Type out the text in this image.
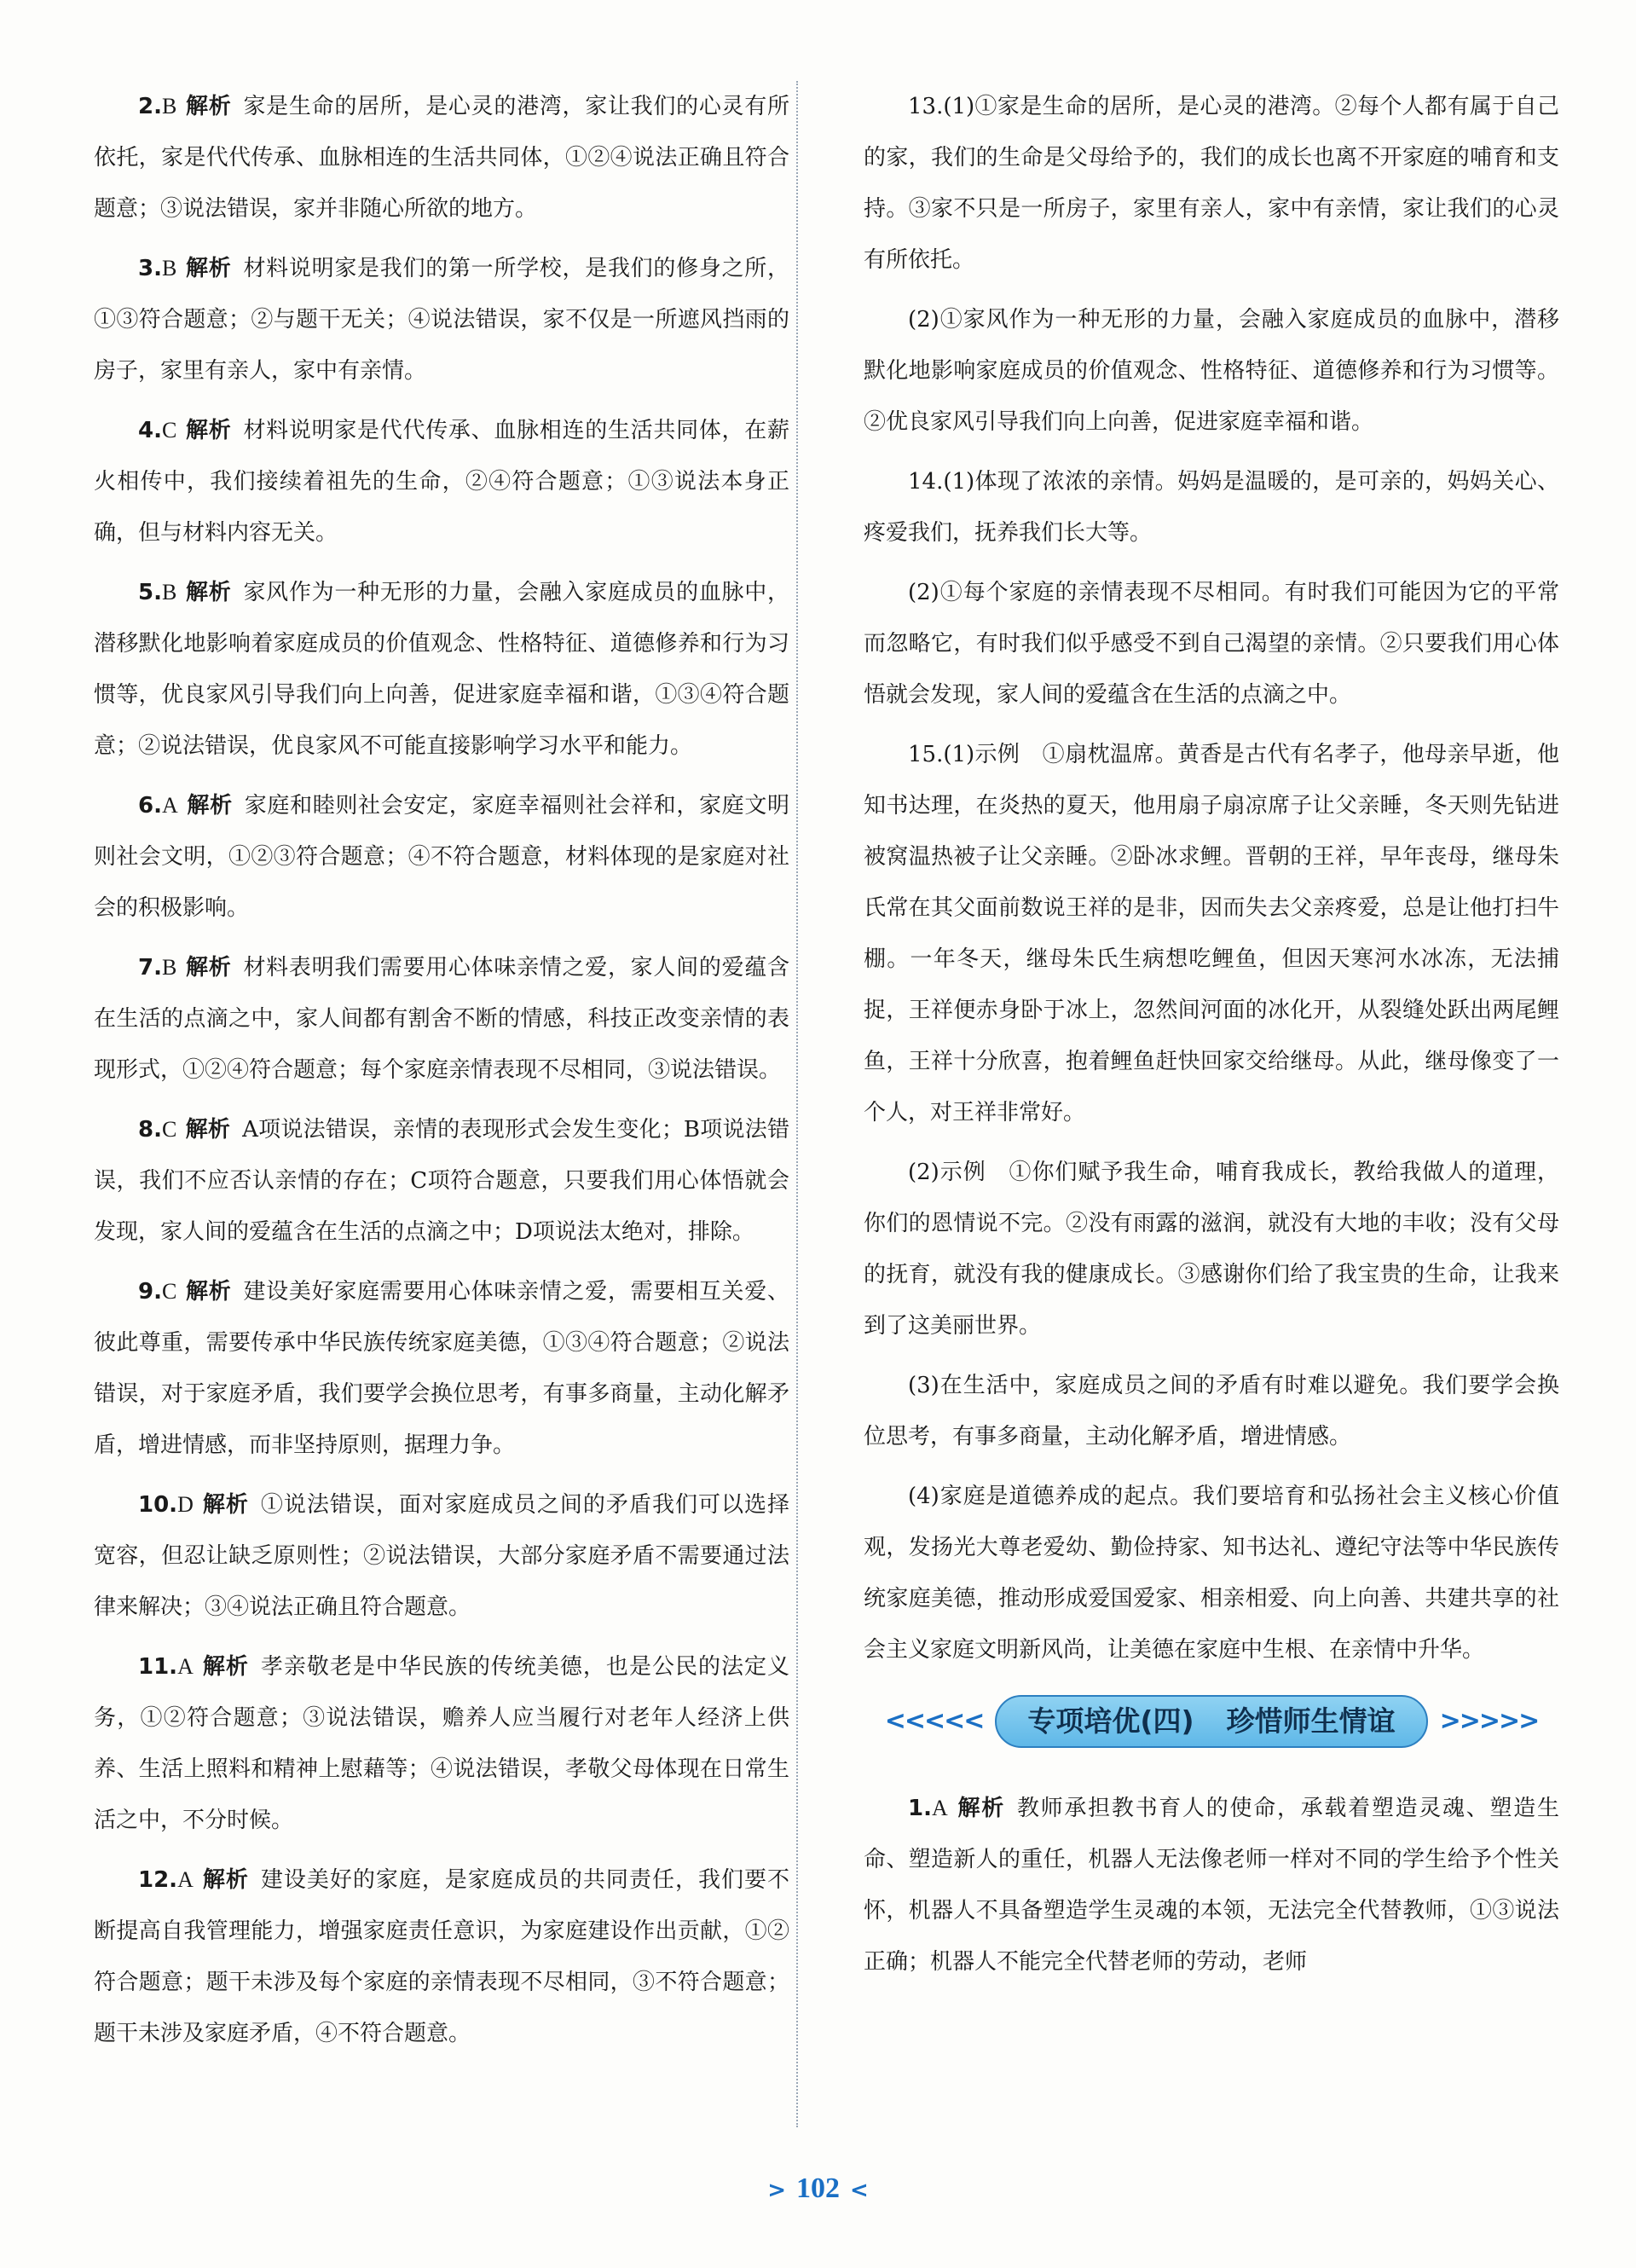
2.B 解析 家是生命的居所，是心灵的港湾，家让我们的心灵有所依托，家是代代传承、血脉相连的生活共同体，①②④说法正确且符合题意；③说法错误，家并非随心所欲的地方。

3.B 解析 材料说明家是我们的第一所学校，是我们的修身之所，①③符合题意；②与题干无关；④说法错误，家不仅是一所遮风挡雨的房子，家里有亲人，家中有亲情。

4.C 解析 材料说明家是代代传承、血脉相连的生活共同体，在薪火相传中，我们接续着祖先的生命，②④符合题意；①③说法本身正确，但与材料内容无关。

5.B 解析 家风作为一种无形的力量，会融入家庭成员的血脉中，潜移默化地影响着家庭成员的价值观念、性格特征、道德修养和行为习惯等，优良家风引导我们向上向善，促进家庭幸福和谐，①③④符合题意；②说法错误，优良家风不可能直接影响学习水平和能力。

6.A 解析 家庭和睦则社会安定，家庭幸福则社会祥和，家庭文明则社会文明，①②③符合题意；④不符合题意，材料体现的是家庭对社会的积极影响。

7.B 解析 材料表明我们需要用心体味亲情之爱，家人间的爱蕴含在生活的点滴之中，家人间都有割舍不断的情感，科技正改变亲情的表现形式，①②④符合题意；每个家庭亲情表现不尽相同，③说法错误。

8.C 解析 A项说法错误，亲情的表现形式会发生变化；B项说法错误，我们不应否认亲情的存在；C项符合题意，只要我们用心体悟就会发现，家人间的爱蕴含在生活的点滴之中；D项说法太绝对，排除。

9.C 解析 建设美好家庭需要用心体味亲情之爱，需要相互关爱、彼此尊重，需要传承中华民族传统家庭美德，①③④符合题意；②说法错误，对于家庭矛盾，我们要学会换位思考，有事多商量，主动化解矛盾，增进情感，而非坚持原则，据理力争。

10.D 解析 ①说法错误，面对家庭成员之间的矛盾我们可以选择宽容，但忍让缺乏原则性；②说法错误，大部分家庭矛盾不需要通过法律来解决；③④说法正确且符合题意。

11.A 解析 孝亲敬老是中华民族的传统美德，也是公民的法定义务，①②符合题意；③说法错误，赡养人应当履行对老年人经济上供养、生活上照料和精神上慰藉等；④说法错误，孝敬父母体现在日常生活之中，不分时候。

12.A 解析 建设美好的家庭，是家庭成员的共同责任，我们要不断提高自我管理能力，增强家庭责任意识，为家庭建设作出贡献，①②符合题意；题干未涉及每个家庭的亲情表现不尽相同，③不符合题意；题干未涉及家庭矛盾，④不符合题意。

13.(1)①家是生命的居所，是心灵的港湾。②每个人都有属于自己的家，我们的生命是父母给予的，我们的成长也离不开家庭的哺育和支持。③家不只是一所房子，家里有亲人，家中有亲情，家让我们的心灵有所依托。

(2)①家风作为一种无形的力量，会融入家庭成员的血脉中，潜移默化地影响家庭成员的价值观念、性格特征、道德修养和行为习惯等。②优良家风引导我们向上向善，促进家庭幸福和谐。

14.(1)体现了浓浓的亲情。妈妈是温暖的，是可亲的，妈妈关心、疼爱我们，抚养我们长大等。

(2)①每个家庭的亲情表现不尽相同。有时我们可能因为它的平常而忽略它，有时我们似乎感受不到自己渴望的亲情。②只要我们用心体悟就会发现，家人间的爱蕴含在生活的点滴之中。

15.(1)示例　①扇枕温席。黄香是古代有名孝子，他母亲早逝，他知书达理，在炎热的夏天，他用扇子扇凉席子让父亲睡，冬天则先钻进被窝温热被子让父亲睡。②卧冰求鲤。晋朝的王祥，早年丧母，继母朱氏常在其父面前数说王祥的是非，因而失去父亲疼爱，总是让他打扫牛棚。一年冬天，继母朱氏生病想吃鲤鱼，但因天寒河水冰冻，无法捕捉，王祥便赤身卧于冰上，忽然间河面的冰化开，从裂缝处跃出两尾鲤鱼，王祥十分欣喜，抱着鲤鱼赶快回家交给继母。从此，继母像变了一个人，对王祥非常好。

(2)示例　①你们赋予我生命，哺育我成长，教给我做人的道理，你们的恩情说不完。②没有雨露的滋润，就没有大地的丰收；没有父母的抚育，就没有我的健康成长。③感谢你们给了我宝贵的生命，让我来到了这美丽世界。

(3)在生活中，家庭成员之间的矛盾有时难以避免。我们要学会换位思考，有事多商量，主动化解矛盾，增进情感。

(4)家庭是道德养成的起点。我们要培育和弘扬社会主义核心价值观，发扬光大尊老爱幼、勤俭持家、知书达礼、遵纪守法等中华民族传统家庭美德，推动形成爱国爱家、相亲相爱、向上向善、共建共享的社会主义家庭文明新风尚，让美德在家庭中生根、在亲情中升华。

<<<<< 专项培优(四) 珍惜师生情谊 >>>>>

1.A 解析 教师承担教书育人的使命，承载着塑造灵魂、塑造生命、塑造新人的重任，机器人无法像老师一样对不同的学生给予个性关怀，机器人不具备塑造学生灵魂的本领，无法完全代替教师，①③说法正确；机器人不能完全代替老师的劳动，老师

> 102 <
